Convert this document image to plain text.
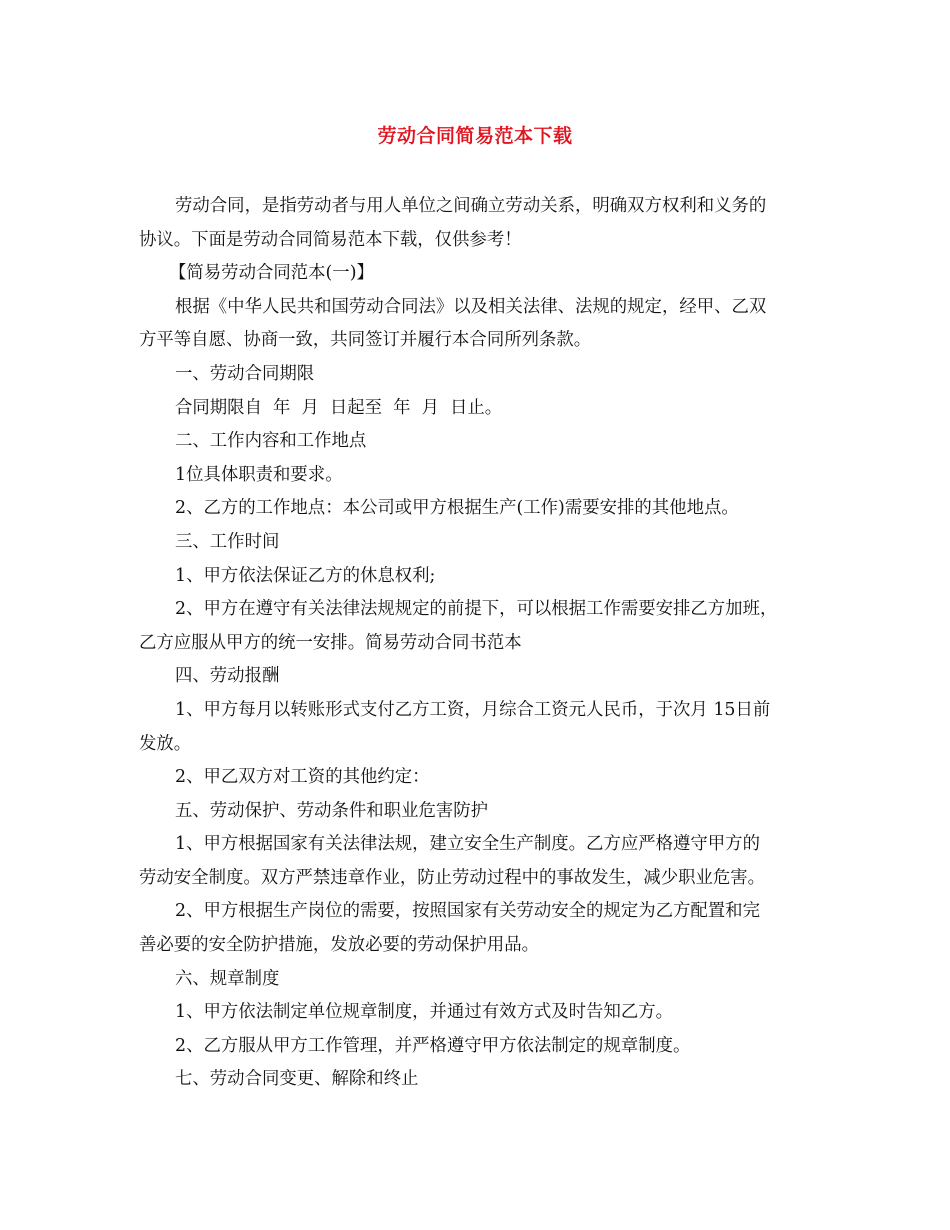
劳动合同简易范本下载

劳动合同，是指劳动者与用人单位之间确立劳动关系，明确双方权利和义务的

协议。下面是劳动合同简易范本下载，仅供参考！

【简易劳动合同范本(一)】

根据《中华人民共和国劳动合同法》以及相关法律、法规的规定，经甲、乙双

方平等自愿、协商一致，共同签订并履行本合同所列条款。

一、劳动合同期限

合同期限自  年  月  日起至  年  月  日止。

二、工作内容和工作地点

1位具体职责和要求。

2、乙方的工作地点：本公司或甲方根据生产(工作)需要安排的其他地点。

三、工作时间

1、甲方依法保证乙方的休息权利;

2、甲方在遵守有关法律法规规定的前提下，可以根据工作需要安排乙方加班，

乙方应服从甲方的统一安排。简易劳动合同书范本

四、劳动报酬

1、甲方每月以转账形式支付乙方工资，月综合工资元人民币，于次月 15日前

发放。

2、甲乙双方对工资的其他约定：

五、劳动保护、劳动条件和职业危害防护

1、甲方根据国家有关法律法规，建立安全生产制度。乙方应严格遵守甲方的

劳动安全制度。双方严禁违章作业，防止劳动过程中的事故发生，减少职业危害。

2、甲方根据生产岗位的需要，按照国家有关劳动安全的规定为乙方配置和完

善必要的安全防护措施，发放必要的劳动保护用品。

六、规章制度

1、甲方依法制定单位规章制度，并通过有效方式及时告知乙方。

2、乙方服从甲方工作管理，并严格遵守甲方依法制定的规章制度。

七、劳动合同变更、解除和终止
